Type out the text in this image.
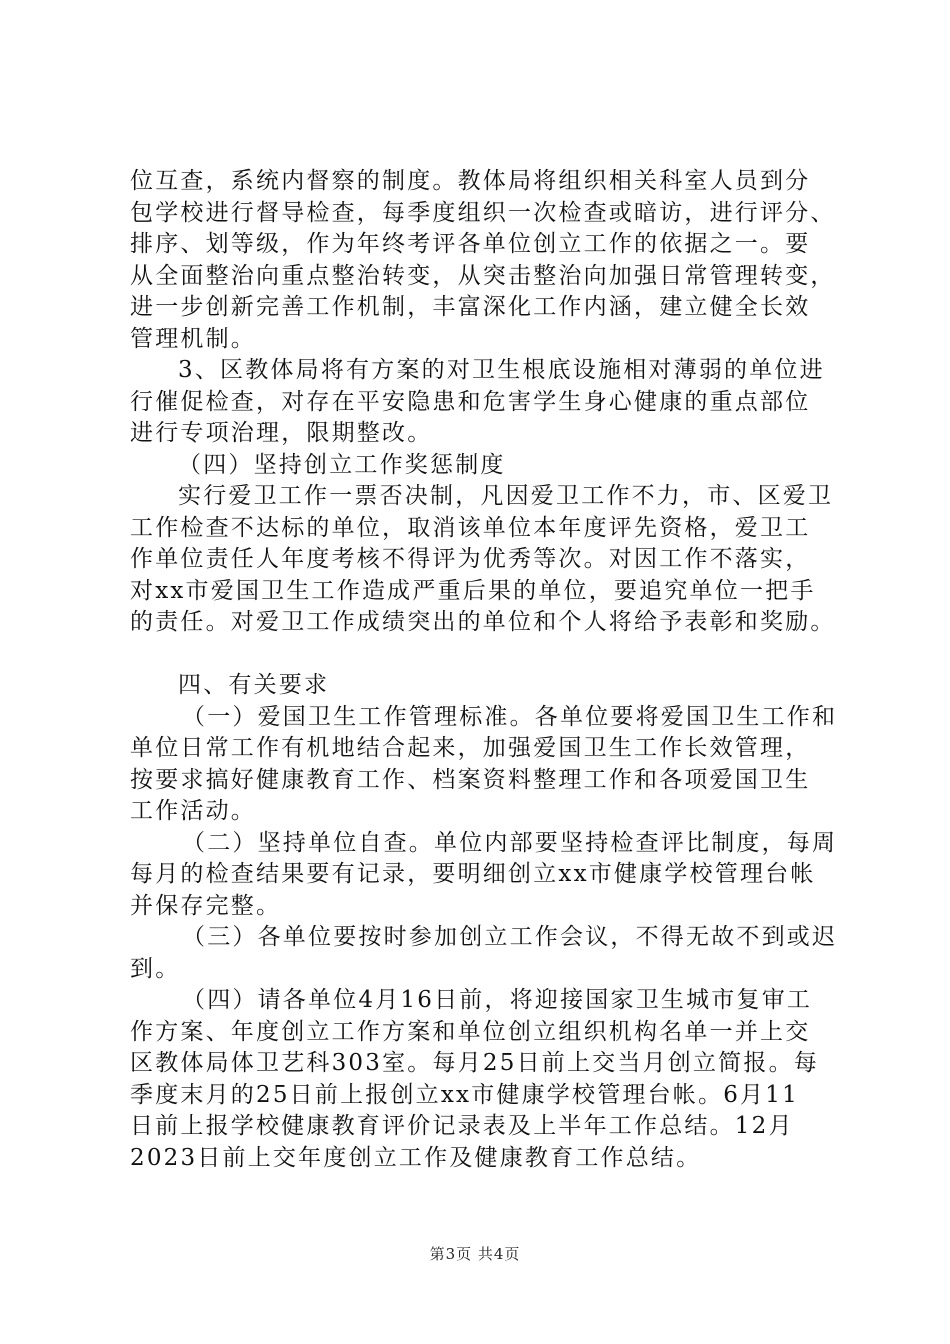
位互查，系统内督察的制度。教体局将组织相关科室人员到分
包学校进行督导检查，每季度组织一次检查或暗访，进行评分、
排序、划等级，作为年终考评各单位创立工作的依据之一。要
从全面整治向重点整治转变，从突击整治向加强日常管理转变，
进一步创新完善工作机制，丰富深化工作内涵，建立健全长效
管理机制。
3、区教体局将有方案的对卫生根底设施相对薄弱的单位进
行催促检查，对存在平安隐患和危害学生身心健康的重点部位
进行专项治理，限期整改。
（四）坚持创立工作奖惩制度
实行爱卫工作一票否决制，凡因爱卫工作不力，市、区爱卫
工作检查不达标的单位，取消该单位本年度评先资格，爱卫工
作单位责任人年度考核不得评为优秀等次。对因工作不落实，
对xx市爱国卫生工作造成严重后果的单位，要追究单位一把手
的责任。对爱卫工作成绩突出的单位和个人将给予表彰和奖励。
四、有关要求
（一）爱国卫生工作管理标准。各单位要将爱国卫生工作和
单位日常工作有机地结合起来，加强爱国卫生工作长效管理，
按要求搞好健康教育工作、档案资料整理工作和各项爱国卫生
工作活动。
（二）坚持单位自查。单位内部要坚持检查评比制度，每周
每月的检查结果要有记录，要明细创立xx市健康学校管理台帐
并保存完整。
（三）各单位要按时参加创立工作会议，不得无故不到或迟
到。
（四）请各单位4月16日前，将迎接国家卫生城市复审工
作方案、年度创立工作方案和单位创立组织机构名单一并上交
区教体局体卫艺科303室。每月25日前上交当月创立简报。每
季度末月的25日前上报创立xx市健康学校管理台帐。6月11
日前上报学校健康教育评价记录表及上半年工作总结。12月
2023日前上交年度创立工作及健康教育工作总结。
第3页 共4页
